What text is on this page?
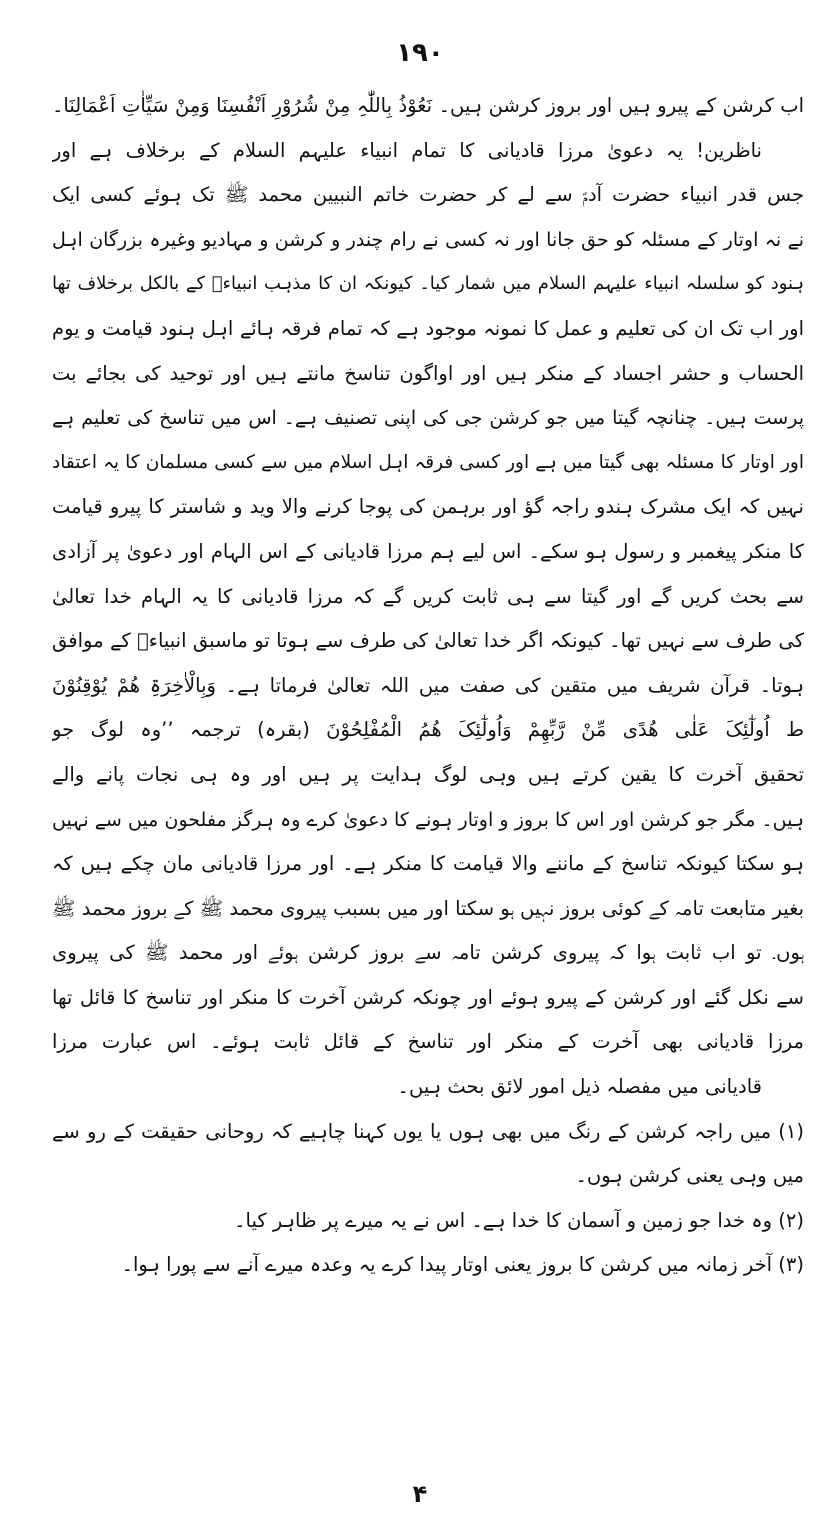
۱۹۰
اب کرشن کے پیرو ہیں اور بروز کرشن ہیں۔ نَعُوْذُ بِاللّٰہِ مِنْ شُرُوْرِ اَنْفُسِنَا وَمِنْ سَیِّاٰتِ اَعْمَالِنَا۔
ناظرین! یہ دعویٰ مرزا قادیانی کا تمام انبیاء علیہم السلام کے برخلاف ہے اور
جس قدر انبیاء حضرت آدمؑ سے لے کر حضرت خاتم النبیین محمد ﷺ تک ہوئے کسی ایک
نے نہ اوتار کے مسئلہ کو حق جانا اور نہ کسی نے رام چندر و کرشن و مہادیو وغیرہ بزرگان اہل
ہنود کو سلسلہ انبیاء علیہم السلام میں شمار کیا۔ کیونکہ ان کا مذہب انبیاءؑ کے بالکل برخلاف تھا
اور اب تک ان کی تعلیم و عمل کا نمونہ موجود ہے کہ تمام فرقہ ہائے اہل ہنود قیامت و یوم
الحساب و حشر اجساد کے منکر ہیں اور اواگون تناسخ مانتے ہیں اور توحید کی بجائے بت
پرست ہیں۔ چنانچہ گیتا میں جو کرشن جی کی اپنی تصنیف ہے۔ اس میں تناسخ کی تعلیم ہے
اور اوتار کا مسئلہ بھی گیتا میں ہے اور کسی فرقہ اہل اسلام میں سے کسی مسلمان کا یہ اعتقاد
نہیں کہ ایک مشرک ہندو راجہ گؤ اور برہمن کی پوجا کرنے والا وید و شاستر کا پیرو قیامت
کا منکر پیغمبر و رسول ہو سکے۔ اس لیے ہم مرزا قادیانی کے اس الہام اور دعویٰ پر آزادی
سے بحث کریں گے اور گیتا سے ہی ثابت کریں گے کہ مرزا قادیانی کا یہ الہام خدا تعالیٰ
کی طرف سے نہیں تھا۔ کیونکہ اگر خدا تعالیٰ کی طرف سے ہوتا تو ماسبق انبیاءؑ کے موافق
ہوتا۔ قرآن شریف میں متقین کی صفت میں اللہ تعالیٰ فرماتا ہے۔ وَبِالْاٰخِرَۃِ ھُمْ یُوْقِنُوْنَ
ط اُولٰٓئِکَ عَلٰی ھُدًی مِّنْ رَّبِّھِمْ وَاُولٰٓئِکَ ھُمُ الْمُفْلِحُوْنَ (بقرہ) ترجمہ ’’وہ لوگ جو
تحقیق آخرت کا یقین کرتے ہیں وہی لوگ ہدایت پر ہیں اور وہ ہی نجات پانے والے
ہیں۔ مگر جو کرشن اور اس کا بروز و اوتار ہونے کا دعویٰ کرے وہ ہرگز مفلحون میں سے نہیں
ہو سکتا کیونکہ تناسخ کے ماننے والا قیامت کا منکر ہے۔ اور مرزا قادیانی مان چکے ہیں کہ
بغیر متابعت تامہ کے کوئی بروز نہیں ہو سکتا اور میں بسبب پیروی محمد ﷺ کے بروز محمد ﷺ
ہوں۔ تو اب ثابت ہوا کہ پیروی کرشن تامہ سے بروز کرشن ہوئے اور محمد ﷺ کی پیروی
سے نکل گئے اور کرشن کے پیرو ہوئے اور چونکہ کرشن آخرت کا منکر اور تناسخ کا قائل تھا
مرزا قادیانی بھی آخرت کے منکر اور تناسخ کے قائل ثابت ہوئے۔ اس عبارت مرزا
قادیانی میں مفصلہ ذیل امور لائق بحث ہیں۔
(۱) میں راجہ کرشن کے رنگ میں بھی ہوں یا یوں کہنا چاہیے کہ روحانی حقیقت کے رو سے
میں وہی یعنی کرشن ہوں۔
(۲) وہ خدا جو زمین و آسمان کا خدا ہے۔ اس نے یہ میرے پر ظاہر کیا۔
(۳) آخر زمانہ میں کرشن کا بروز یعنی اوتار پیدا کرے یہ وعدہ میرے آنے سے پورا ہوا۔
۴
